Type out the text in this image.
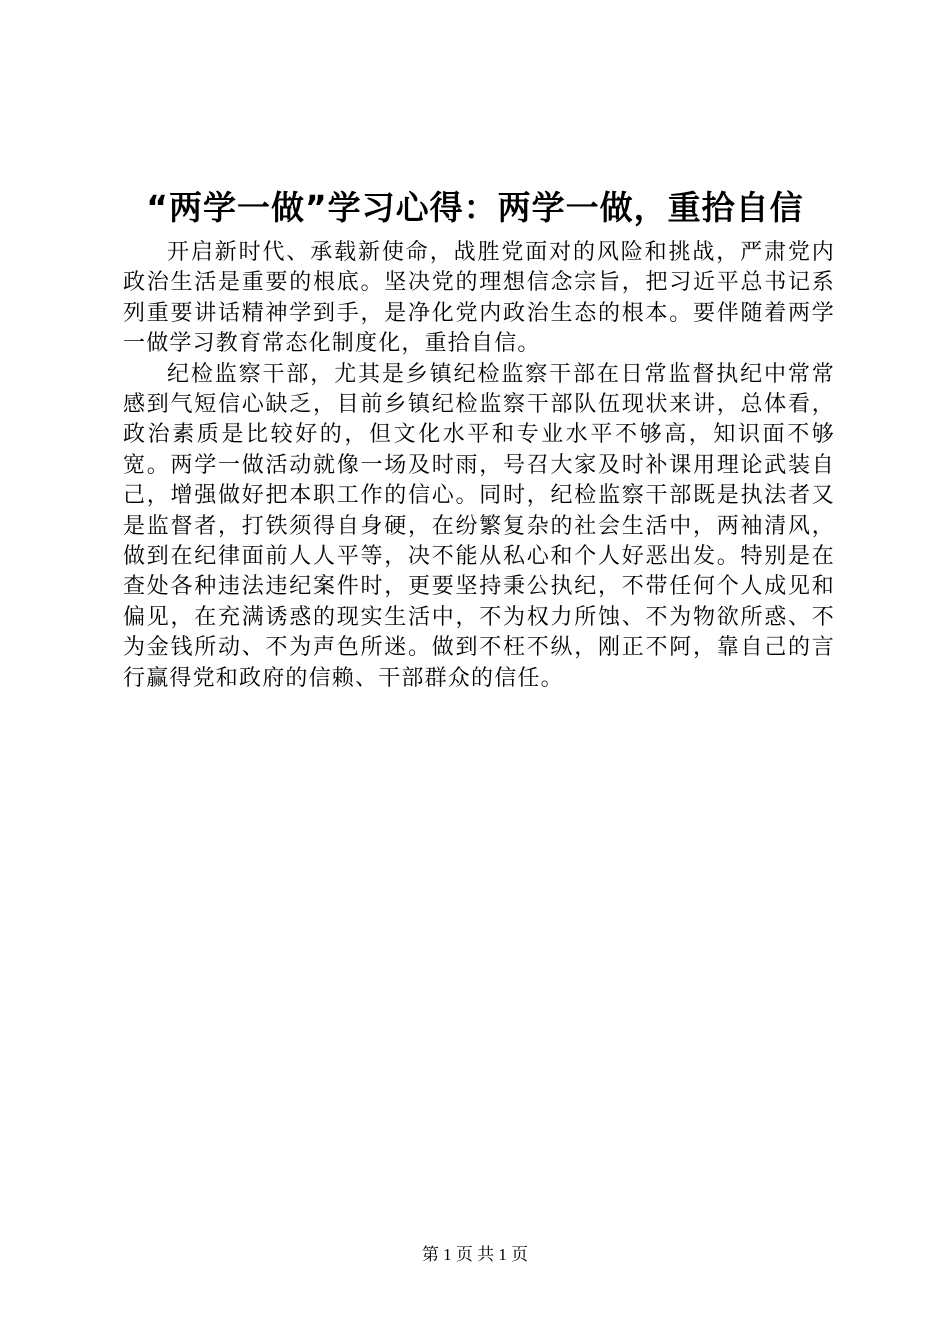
“两学一做”学习心得：两学一做，重拾自信

开启新时代、承载新使命，战胜党面对的风险和挑战，严肃党内政治生活是重要的根底。坚决党的理想信念宗旨，把习近平总书记系列重要讲话精神学到手，是净化党内政治生态的根本。要伴随着两学一做学习教育常态化制度化，重拾自信。

纪检监察干部，尤其是乡镇纪检监察干部在日常监督执纪中常常感到气短信心缺乏，目前乡镇纪检监察干部队伍现状来讲，总体看，政治素质是比较好的，但文化水平和专业水平不够高，知识面不够宽。两学一做活动就像一场及时雨，号召大家及时补课用理论武装自己，增强做好把本职工作的信心。同时，纪检监察干部既是执法者又是监督者，打铁须得自身硬，在纷繁复杂的社会生活中，两袖清风，做到在纪律面前人人平等，决不能从私心和个人好恶出发。特别是在查处各种违法违纪案件时，更要坚持秉公执纪，不带任何个人成见和偏见，在充满诱惑的现实生活中，不为权力所蚀、不为物欲所惑、不为金钱所动、不为声色所迷。做到不枉不纵，刚正不阿，靠自己的言行赢得党和政府的信赖、干部群众的信任。

第 1 页 共 1 页
